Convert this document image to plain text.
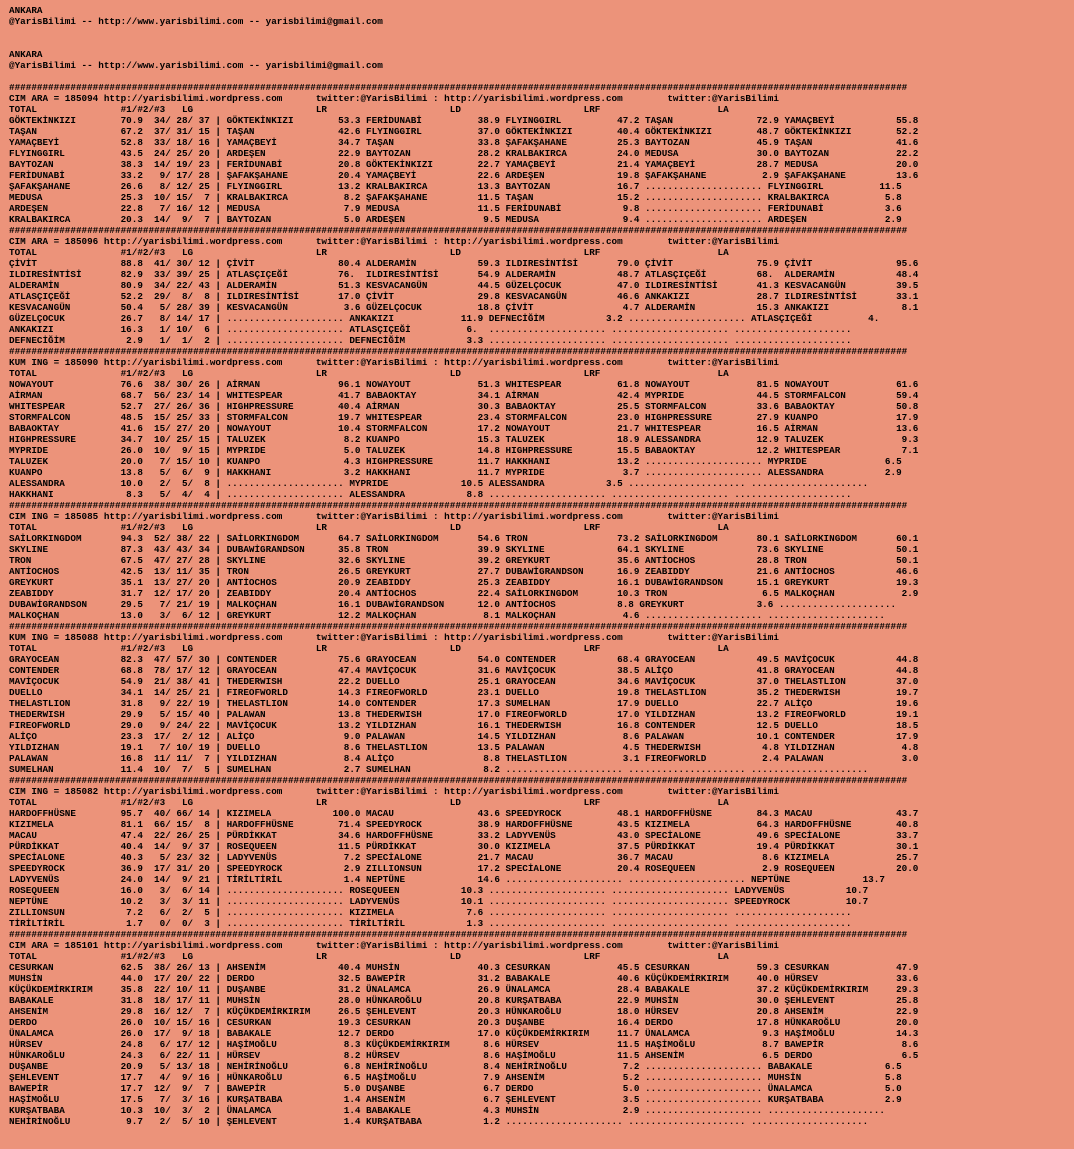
ANKARA
@YarisBilimi -- http://www.yarisbilimi.com -- yarisbilimi@gmail.com

ANKARA
@YarisBilimi -- http://www.yarisbilimi.com -- yarisbilimi@gmail.com

#################################################################################################################################################################
CIM ARA = 185094 http://yarisbilimi.wordpress.com      twitter:@YarisBilimi : http://yarisbilimi.wordpress.com        twitter:@YarisBilimi
TOTAL               #1/#2/#3   LG                      LR                      LD                      LRF                     LA
GÖKTEKİNKIZI        70.9  34/ 28/ 37 | GÖKTEKİNKIZI        53.3 FERİDUNABİ          38.9 FLYINGGIRL          47.2 TAŞAN               72.9 YAMAÇBEYİ           55.8
TAŞAN               67.2  37/ 31/ 15 | TAŞAN               42.6 FLYINGGIRL          37.0 GÖKTEKİNKIZI        40.4 GÖKTEKİNKIZI        48.7 GÖKTEKİNKIZI        52.2
YAMAÇBEYİ           52.8  33/ 18/ 16 | YAMAÇBEYİ           34.7 TAŞAN               33.8 ŞAFAKŞAHANE         25.3 BAYTOZAN            45.9 TAŞAN               41.6
FLYINGGIRL          43.5  24/ 25/ 20 | ARDEŞEN             22.9 BAYTOZAN            28.2 KRALBAKIRCA         24.0 MEDUSA              30.0 BAYTOZAN            22.2
BAYTOZAN            38.3  14/ 19/ 23 | FERİDUNABİ          20.8 GÖKTEKİNKIZI        22.7 YAMAÇBEYİ           21.4 YAMAÇBEYİ           28.7 MEDUSA              20.0
FERİDUNABİ          33.2   9/ 17/ 28 | ŞAFAKŞAHANE         20.4 YAMAÇBEYİ           22.6 ARDEŞEN             19.8 ŞAFAKŞAHANE          2.9 ŞAFAKŞAHANE         13.6
ŞAFAKŞAHANE         26.6   8/ 12/ 25 | FLYINGGIRL          13.2 KRALBAKIRCA         13.3 BAYTOZAN            16.7 ..................... FLYINGGIRL          11.5
MEDUSA              25.3  10/ 15/  7 | KRALBAKIRCA          8.2 ŞAFAKŞAHANE         11.5 TAŞAN               15.2 ..................... KRALBAKIRCA          5.8
ARDEŞEN             22.8   7/ 16/ 12 | MEDUSA               7.9 MEDUSA              11.5 FERİDUNABİ           9.8 ..................... FERİDUNABİ           3.6
KRALBAKIRCA         20.3  14/  9/  7 | BAYTOZAN             5.0 ARDEŞEN              9.5 MEDUSA               9.4 ..................... ARDEŞEN              2.9
#################################################################################################################################################################
CIM ARA = 185096 http://yarisbilimi.wordpress.com      twitter:@YarisBilimi : http://yarisbilimi.wordpress.com        twitter:@YarisBilimi
TOTAL               #1/#2/#3   LG                      LR                      LD                      LRF                     LA
ÇİVİT               88.8  41/ 30/ 12 | ÇİVİT               80.4 ALDERAMİN           59.3 ILDIRESİNTİSİ       79.0 ÇİVİT               75.9 ÇİVİT               95.6
ILDIRESİNTİSİ       82.9  33/ 39/ 25 | ATLASÇIÇEĞİ         76.  ILDIRESİNTİSİ       54.9 ALDERAMİN           48.7 ATLASÇIÇEĞİ         68.  ALDERAMİN           48.4
ALDERAMİN           80.9  34/ 22/ 43 | ALDERAMİN           51.3 KESVACANGÜN         44.5 GÜZELÇOCUK          47.0 ILDIRESİNTİSİ       41.3 KESVACANGÜN         39.5
ATLASÇIÇEĞİ         52.2  29/  8/  8 | ILDIRESİNTİSİ       17.0 ÇİVİT               29.8 KESVACANGÜN         46.6 ANKAKIZI            28.7 ILDIRESİNTİSİ       33.1
KESVACANGÜN         50.4   5/ 28/ 39 | KESVACANGÜN          3.6 GÜZELÇOCUK          18.8 ÇİVİT                4.7 ALDERAMİN           15.3 ANKAKIZI             8.1
GÜZELÇOCUK          26.7   8/ 14/ 17 | ..................... ANKAKIZI            11.9 DEFNECİĞİM           3.2 ..................... ATLASÇIÇEĞİ          4.
ANKAKIZI            16.3   1/ 10/  6 | ..................... ATLASÇIÇEĞİ          6.  ..................... ..................... .....................
DEFNECİĞİM           2.9   1/  1/  2 | ..................... DEFNECİĞİM           3.3 ..................... ..................... .....................
#################################################################################################################################################################
KUM ING = 185090 http://yarisbilimi.wordpress.com      twitter:@YarisBilimi : http://yarisbilimi.wordpress.com        twitter:@YarisBilimi
TOTAL               #1/#2/#3   LG                      LR                      LD                      LRF                     LA
NOWAYOUT            76.6  38/ 30/ 26 | AİRMAN              96.1 NOWAYOUT            51.3 WHITESPEAR          61.8 NOWAYOUT            81.5 NOWAYOUT            61.6
AİRMAN              68.7  56/ 23/ 14 | WHITESPEAR          41.7 BABAOKTAY           34.1 AİRMAN              42.4 MYPRIDE             44.5 STORMFALCON         59.4
WHITESPEAR          52.7  27/ 26/ 36 | HIGHPRESSURE        40.4 AİRMAN              30.3 BABAOKTAY           25.5 STORMFALCON         33.6 BABAOKTAY           50.8
STORMFALCON         48.5  15/ 25/ 33 | STORMFALCON         19.7 WHITESPEAR          23.4 STORMFALCON         23.0 HIGHPRESSURE        27.9 KUANPO              17.9
BABAOKTAY           41.6  15/ 27/ 20 | NOWAYOUT            10.4 STORMFALCON         17.2 NOWAYOUT            21.7 WHITESPEAR          16.5 AİRMAN              13.6
HIGHPRESSURE        34.7  10/ 25/ 15 | TALUZEK              8.2 KUANPO              15.3 TALUZEK             18.9 ALESSANDRA          12.9 TALUZEK              9.3
MYPRIDE             26.0  10/  9/ 15 | MYPRIDE              5.0 TALUZEK             14.8 HIGHPRESSURE        15.5 BABAOKTAY           12.2 WHITESPEAR           7.1
TALUZEK             20.0   7/ 15/ 10 | KUANPO               4.3 HIGHPRESSURE        11.7 HAKKHANI            13.2 ..................... MYPRIDE              6.5
KUANPO              13.8   5/  6/  9 | HAKKHANI             3.2 HAKKHANI            11.7 MYPRIDE              3.7 ..................... ALESSANDRA           2.9
ALESSANDRA          10.0   2/  5/  8 | ..................... MYPRIDE             10.5 ALESSANDRA           3.5 ..................... .....................
HAKKHANI             8.3   5/  4/  4 | ..................... ALESSANDRA           8.8 ..................... ..................... .....................
#################################################################################################################################################################
CIM ING = 185085 http://yarisbilimi.wordpress.com      twitter:@YarisBilimi : http://yarisbilimi.wordpress.com        twitter:@YarisBilimi
TOTAL               #1/#2/#3   LG                      LR                      LD                      LRF                     LA
SAİLORKINGDOM       94.3  52/ 38/ 22 | SAİLORKINGDOM       64.7 SAİLORKINGDOM       54.6 TRON                73.2 SAİLORKINGDOM       80.1 SAİLORKINGDOM       60.1
SKYLINE             87.3  43/ 43/ 34 | DUBAWİGRANDSON      35.8 TRON                39.9 SKYLINE             64.1 SKYLINE             73.6 SKYLINE             50.1
TRON                67.5  47/ 27/ 28 | SKYLINE             32.6 SKYLINE             39.2 GREYKURT            35.6 ANTİOCHOS           28.8 TRON                50.1
ANTİOCHOS           42.5  13/ 11/ 35 | TRON                26.5 GREYKURT            27.7 DUBAWİGRANDSON      16.9 ZEABIDDY            21.6 ANTİOCHOS           46.6
GREYKURT            35.1  13/ 27/ 20 | ANTİOCHOS           20.9 ZEABIDDY            25.3 ZEABIDDY            16.1 DUBAWİGRANDSON      15.1 GREYKURT            19.3
ZEABIDDY            31.7  12/ 17/ 20 | ZEABIDDY            20.4 ANTİOCHOS           22.4 SAİLORKINGDOM       10.3 TRON                 6.5 MALKOÇHAN            2.9
DUBAWİGRANDSON      29.5   7/ 21/ 19 | MALKOÇHAN           16.1 DUBAWİGRANDSON      12.0 ANTİOCHOS           8.8 GREYKURT             3.6 .....................
MALKOÇHAN           13.0   3/  6/ 12 | GREYKURT            12.2 MALKOÇHAN            8.1 MALKOÇHAN            4.6 ..................... .....................
#################################################################################################################################################################
KUM ING = 185088 http://yarisbilimi.wordpress.com      twitter:@YarisBilimi : http://yarisbilimi.wordpress.com        twitter:@YarisBilimi
TOTAL               #1/#2/#3   LG                      LR                      LD                      LRF                     LA
GRAYOCEAN           82.3  47/ 57/ 30 | CONTENDER           75.6 GRAYOCEAN           54.0 CONTENDER           68.4 GRAYOCEAN           49.5 MAVİÇOCUK           44.8
CONTENDER           68.8  78/ 17/ 12 | GRAYOCEAN           47.4 MAVİÇOCUK           31.6 MAVİÇOCUK           38.5 ALİÇO               41.8 GRAYOCEAN           44.8
MAVİÇOCUK           54.9  21/ 38/ 41 | THEDERWISH          22.2 DUELLO              25.1 GRAYOCEAN           34.6 MAVİÇOCUK           37.0 THELASTLION         37.0
DUELLO              34.1  14/ 25/ 21 | FIREOFWORLD         14.3 FIREOFWORLD         23.1 DUELLO              19.8 THELASTLION         35.2 THEDERWISH          19.7
THELASTLION         31.8   9/ 22/ 19 | THELASTLION         14.0 CONTENDER           17.3 SUMELHAN            17.9 DUELLO              22.7 ALİÇO               19.6
THEDERWISH          29.9   5/ 15/ 40 | PALAWAN             13.8 THEDERWISH          17.0 FIREOFWORLD         17.0 YILDIZHAN           13.2 FIREOFWORLD         19.1
FIREOFWORLD         29.0   9/ 24/ 22 | MAVİÇOCUK           13.2 YILDIZHAN           16.1 THEDERWISH          16.8 CONTENDER           12.5 DUELLO              18.5
ALİÇO               23.3  17/  2/ 12 | ALİÇO                9.0 PALAWAN             14.5 YILDIZHAN            8.6 PALAWAN             10.1 CONTENDER           17.9
YILDIZHAN           19.1   7/ 10/ 19 | DUELLO               8.6 THELASTLION         13.5 PALAWAN              4.5 THEDERWISH           4.8 YILDIZHAN            4.8
PALAWAN             16.8  11/ 11/  7 | YILDIZHAN            8.4 ALİÇO                8.8 THELASTLION          3.1 FIREOFWORLD          2.4 PALAWAN              3.0
SUMELHAN            11.4  10/  7/  5 | SUMELHAN             2.7 SUMELHAN             8.2 ..................... ..................... .....................
#################################################################################################################################################################
CIM ING = 185082 http://yarisbilimi.wordpress.com      twitter:@YarisBilimi : http://yarisbilimi.wordpress.com        twitter:@YarisBilimi
TOTAL               #1/#2/#3   LG                      LR                      LD                      LRF                     LA
HARDOFFHÜSNE        95.7  40/ 66/ 14 | KIZIMELA           100.0 MACAU               43.6 SPEEDYROCK          48.1 HARDOFFHÜSNE        84.3 MACAU               43.7
KIZIMELA            81.1  66/ 15/  8 | HARDOFFHÜSNE        71.4 SPEEDYROCK          38.9 HARDOFFHÜSNE        43.5 KIZIMELA            64.3 HARDOFFHÜSNE        40.8
MACAU               47.4  22/ 26/ 25 | PÜRDİKKAT           34.6 HARDOFFHÜSNE        33.2 LADYVENÜS           43.0 SPECİALONE          49.6 SPECİALONE          33.7
PÜRDİKKAT           40.4  14/  9/ 37 | ROSEQUEEN           11.5 PÜRDİKKAT           30.0 KIZIMELA            37.5 PÜRDİKKAT           19.4 PÜRDİKKAT           30.1
SPECİALONE          40.3   5/ 23/ 32 | LADYVENÜS            7.2 SPECİALONE          21.7 MACAU               36.7 MACAU                8.6 KIZIMELA            25.7
SPEEDYROCK          36.9  17/ 31/ 20 | SPEEDYROCK           2.9 ZILLIONSUN          17.2 SPECİALONE          20.4 ROSEQUEEN            2.9 ROSEQUEEN           20.0
LADYVENÜS           24.0  14/  9/ 21 | TİRİLTİRİL           1.4 NEPTÜNE             14.6 ..................... ..................... NEPTÜNE             13.7
ROSEQUEEN           16.0   3/  6/ 14 | ..................... ROSEQUEEN           10.3 ..................... ..................... LADYVENÜS           10.7
NEPTÜNE             10.2   3/  3/ 11 | ..................... LADYVENÜS           10.1 ..................... ..................... SPEEDYROCK          10.7
ZILLIONSUN           7.2   6/  2/  5 | ..................... KIZIMELA             7.6 ..................... ..................... .....................
TİRİLTİRİL           1.7   0/  0/  3 | ..................... TİRİLTİRİL           1.3 ..................... ..................... .....................
#################################################################################################################################################################
CIM ARA = 185101 http://yarisbilimi.wordpress.com      twitter:@YarisBilimi : http://yarisbilimi.wordpress.com        twitter:@YarisBilimi
TOTAL               #1/#2/#3   LG                      LR                      LD                      LRF                     LA
CESURKAN            62.5  38/ 26/ 13 | AHSENİM             40.4 MUHSİN              40.3 CESURKAN            45.5 CESURKAN            59.3 CESURKAN            47.9
MUHSİN              44.0  17/ 20/ 22 | DERDO               32.5 BAWEPİR             31.2 BABAKALE            40.6 KÜÇÜKDEMİRKIRIM     40.0 HÜRSEV              33.6
KÜÇÜKDEMİRKIRIM     35.8  22/ 10/ 11 | DUŞANBE             31.2 ÜNALAMCA            26.9 ÜNALAMCA            28.4 BABAKALE            37.2 KÜÇÜKDEMİRKIRIM     29.3
BABAKALE            31.8  18/ 17/ 11 | MUHSİN              28.0 HÜNKAROĞLU          20.8 KURŞATBABA          22.9 MUHSİN              30.0 ŞEHLEVENT           25.8
AHSENİM             29.8  16/ 12/  7 | KÜÇÜKDEMİRKIRIM     26.5 ŞEHLEVENT           20.3 HÜNKAROĞLU          18.0 HÜRSEV              20.8 AHSENİM             22.9
DERDO               26.0  10/ 15/ 16 | CESURKAN            19.3 CESURKAN            20.3 DUŞANBE             16.4 DERDO               17.8 HÜNKAROĞLU          20.0
ÜNALAMCA            26.0  17/  9/ 18 | BABAKALE            12.7 DERDO               17.0 KÜÇÜKDEMİRKIRIM     11.7 ÜNALAMCA             9.3 HAŞİMOĞLU           14.3
HÜRSEV              24.8   6/ 17/ 12 | HAŞİMOĞLU            8.3 KÜÇÜKDEMİRKIRIM      8.6 HÜRSEV              11.5 HAŞİMOĞLU            8.7 BAWEPİR              8.6
HÜNKAROĞLU          24.3   6/ 22/ 11 | HÜRSEV               8.2 HÜRSEV               8.6 HAŞİMOĞLU           11.5 AHSENİM              6.5 DERDO                6.5
DUŞANBE             20.9   5/ 13/ 18 | NEHİRİNOĞLU          6.8 NEHİRİNOĞLU          8.4 NEHİRİNOĞLU          7.2 ..................... BABAKALE             6.5
ŞEHLEVENT           17.7   4/  9/ 16 | HÜNKAROĞLU           6.5 HAŞİMOĞLU            7.9 AHSENİM              5.2 ..................... MUHSİN               5.8
BAWEPİR             17.7  12/  9/  7 | BAWEPİR              5.0 DUŞANBE              6.7 DERDO                5.0 ..................... ÜNALAMCA             5.0
HAŞİMOĞLU           17.5   7/  3/ 16 | KURŞATBABA           1.4 AHSENİM              6.7 ŞEHLEVENT            3.5 ..................... KURŞATBABA           2.9
KURŞATBABA          10.3  10/  3/  2 | ÜNALAMCA             1.4 BABAKALE             4.3 MUHSİN               2.9 ..................... .....................
NEHİRİNOĞLU          9.7   2/  5/ 10 | ŞEHLEVENT            1.4 KURŞATBABA           1.2 ..................... ..................... .....................
